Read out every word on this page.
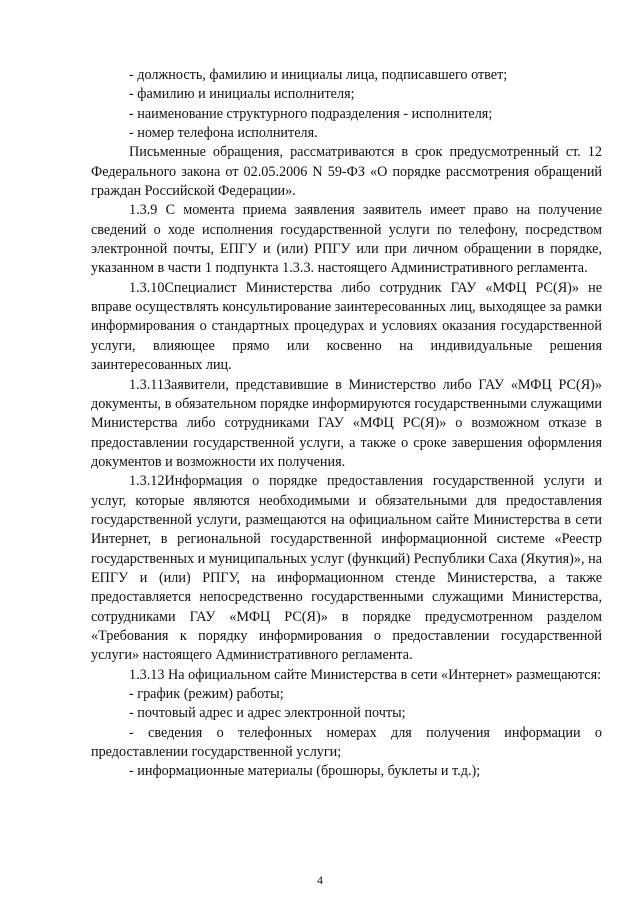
- должность, фамилию и инициалы лица, подписавшего ответ;

- фамилию и инициалы исполнителя;

- наименование структурного подразделения - исполнителя;

- номер телефона исполнителя.

Письменные обращения, рассматриваются в срок предусмотренный ст. 12 Федерального закона от 02.05.2006 N 59-ФЗ «О порядке рассмотрения обращений граждан Российской Федерации».

1.3.9 С момента приема заявления заявитель имеет право на получение сведений о ходе исполнения государственной услуги по телефону, посредством электронной почты, ЕПГУ и (или) РПГУ или при личном обращении в порядке, указанном в части 1 подпункта 1.3.3. настоящего Административного регламента.

1.3.10Специалист Министерства либо сотрудник ГАУ «МФЦ РС(Я)» не вправе осуществлять консультирование заинтересованных лиц, выходящее за рамки информирования о стандартных процедурах и условиях оказания государственной услуги, влияющее прямо или косвенно на индивидуальные решения заинтересованных лиц.

1.3.11Заявители, представившие в Министерство либо ГАУ «МФЦ РС(Я)» документы, в обязательном порядке информируются государственными служащими Министерства либо сотрудниками ГАУ «МФЦ РС(Я)» о возможном отказе в предоставлении государственной услуги, а также о сроке завершения оформления документов и возможности их получения.

1.3.12Информация о порядке предоставления государственной услуги и услуг, которые являются необходимыми и обязательными для предоставления государственной услуги, размещаются на официальном сайте Министерства в сети Интернет, в региональной государственной информационной системе «Реестр государственных и муниципальных услуг (функций) Республики Саха (Якутия)», на ЕПГУ и (или) РПГУ, на информационном стенде Министерства, а также предоставляется непосредственно государственными служащими Министерства, сотрудниками ГАУ «МФЦ РС(Я)» в порядке предусмотренном разделом «Требования к порядку информирования о предоставлении государственной услуги» настоящего Административного регламента.

1.3.13 На официальном сайте Министерства в сети «Интернет» размещаются:

- график (режим) работы;

- почтовый адрес и адрес электронной почты;

- сведения о телефонных номерах для получения информации о предоставлении государственной услуги;

- информационные материалы (брошюры, буклеты и т.д.);

4
